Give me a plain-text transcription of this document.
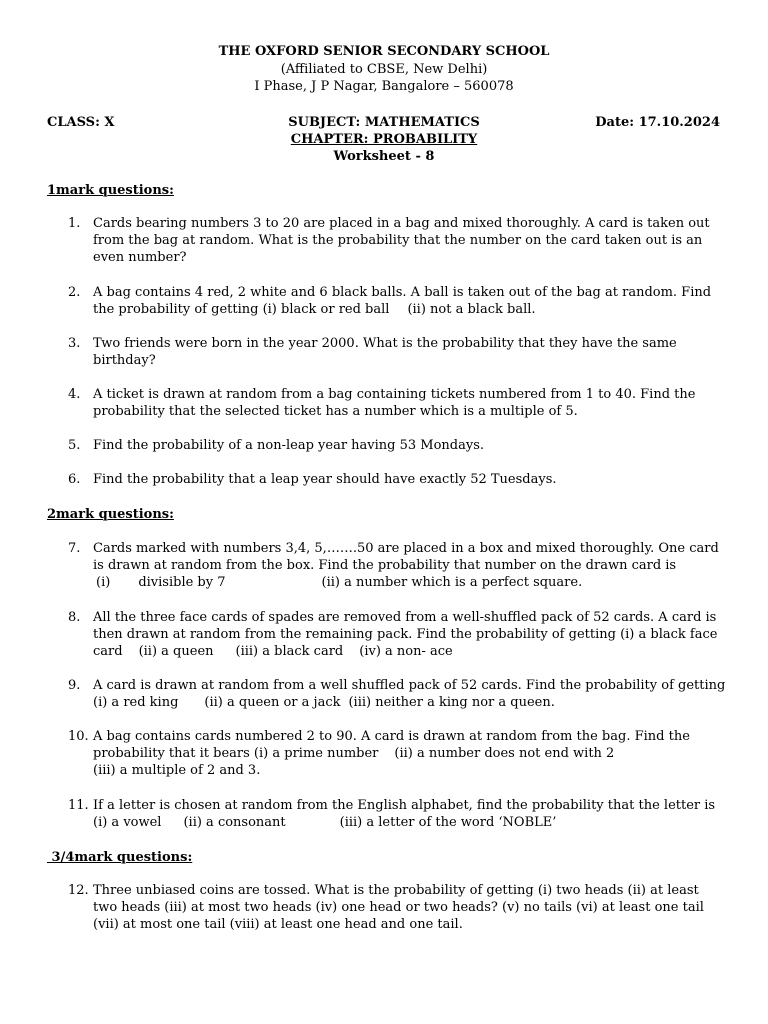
THE OXFORD SENIOR SECONDARY SCHOOL
(Affiliated to CBSE, New Delhi)
I Phase, J P Nagar, Bangalore – 560078
CLASS: X	SUBJECT: MATHEMATICS	Date: 17.10.2024
CHAPTER: PROBABILITY
Worksheet - 8
1mark questions:
1. Cards bearing numbers 3 to 20 are placed in a bag and mixed thoroughly. A card is taken out
from the bag at random. What is the probability that the number on the card taken out is an
even number?
2. A bag contains 4 red, 2 white and 6 black balls. A ball is taken out of the bag at random. Find
the probability of getting (i) black or red ball (ii) not a black ball.
3. Two friends were born in the year 2000. What is the probability that they have the same
birthday?
4. A ticket is drawn at random from a bag containing tickets numbered from 1 to 40. Find the
probability that the selected ticket has a number which is a multiple of 5.
5. Find the probability of a non-leap year having 53 Mondays.
6. Find the probability that a leap year should have exactly 52 Tuesdays.
2mark questions:
7. Cards marked with numbers 3,4, 5,…….50 are placed in a box and mixed thoroughly. One card
is drawn at random from the box. Find the probability that number on the drawn card is
(i) divisible by 7	(ii) a number which is a perfect square.
8. All the three face cards of spades are removed from a well-shuffled pack of 52 cards. A card is
then drawn at random from the remaining pack. Find the probability of getting (i) a black face
card (ii) a queen (iii) a black card (iv) a non- ace
9. A card is drawn at random from a well shuffled pack of 52 cards. Find the probability of getting
(i) a red king (ii) a queen or a jack (iii) neither a king nor a queen.
10. A bag contains cards numbered 2 to 90. A card is drawn at random from the bag. Find the
probability that it bears (i) a prime number (ii) a number does not end with 2
(iii) a multiple of 2 and 3.
11. If a letter is chosen at random from the English alphabet, find the probability that the letter is
(i) a vowel (ii) a consonant	(iii) a letter of the word ‘NOBLE’
3/4mark questions:
12. Three unbiased coins are tossed. What is the probability of getting (i) two heads (ii) at least
two heads (iii) at most two heads (iv) one head or two heads? (v) no tails (vi) at least one tail
(vii) at most one tail (viii) at least one head and one tail.
